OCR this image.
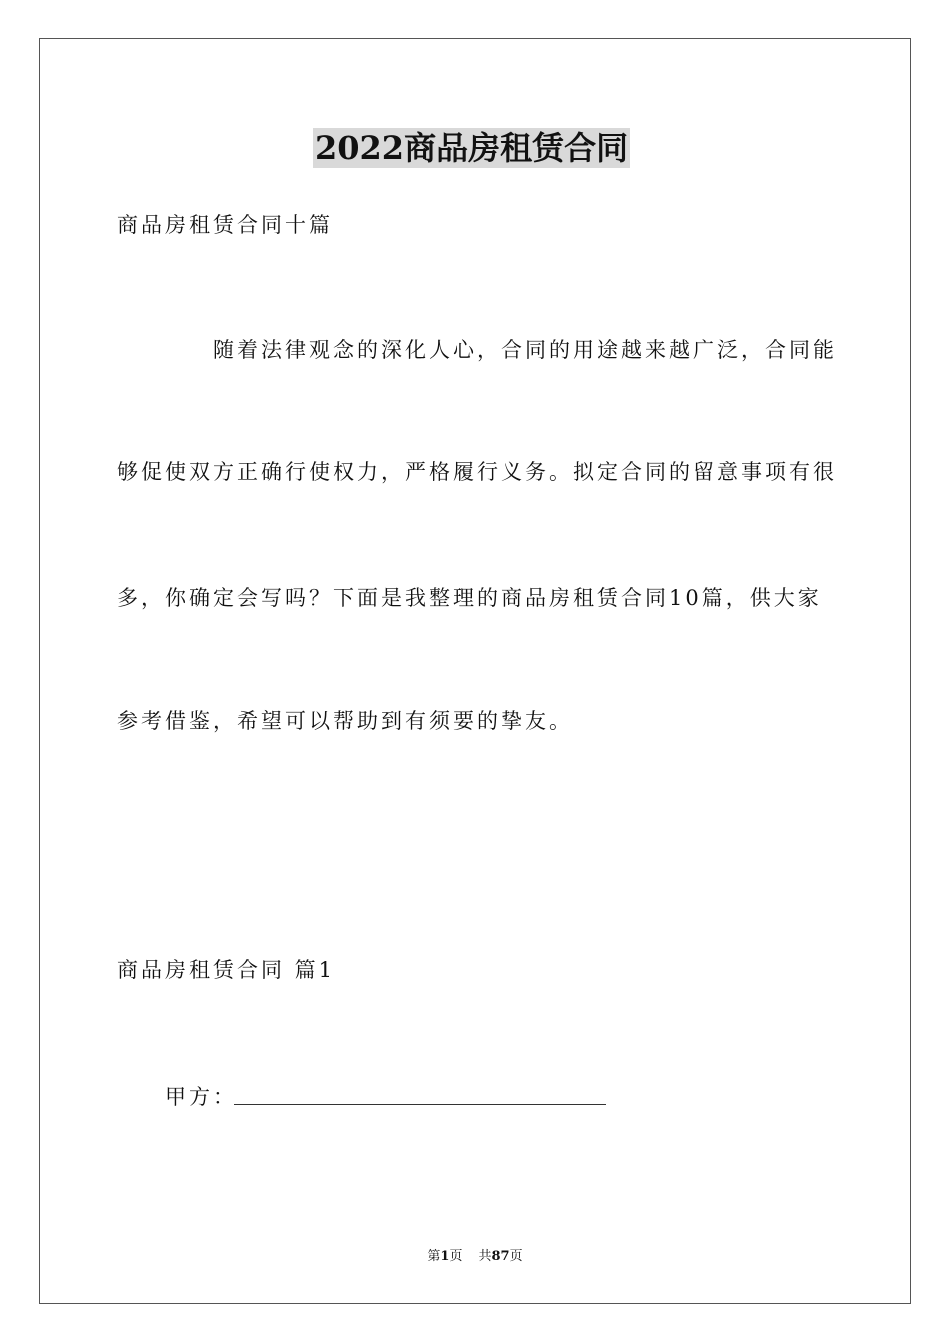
2022商品房租赁合同
商品房租赁合同十篇
随着法律观念的深化人心，合同的用途越来越广泛，合同能
够促使双方正确行使权力，严格履行义务。拟定合同的留意事项有很
多，你确定会写吗？下面是我整理的商品房租赁合同10篇，供大家
参考借鉴，希望可以帮助到有须要的挚友。
商品房租赁合同 篇1
甲方：
第1页 共87页
